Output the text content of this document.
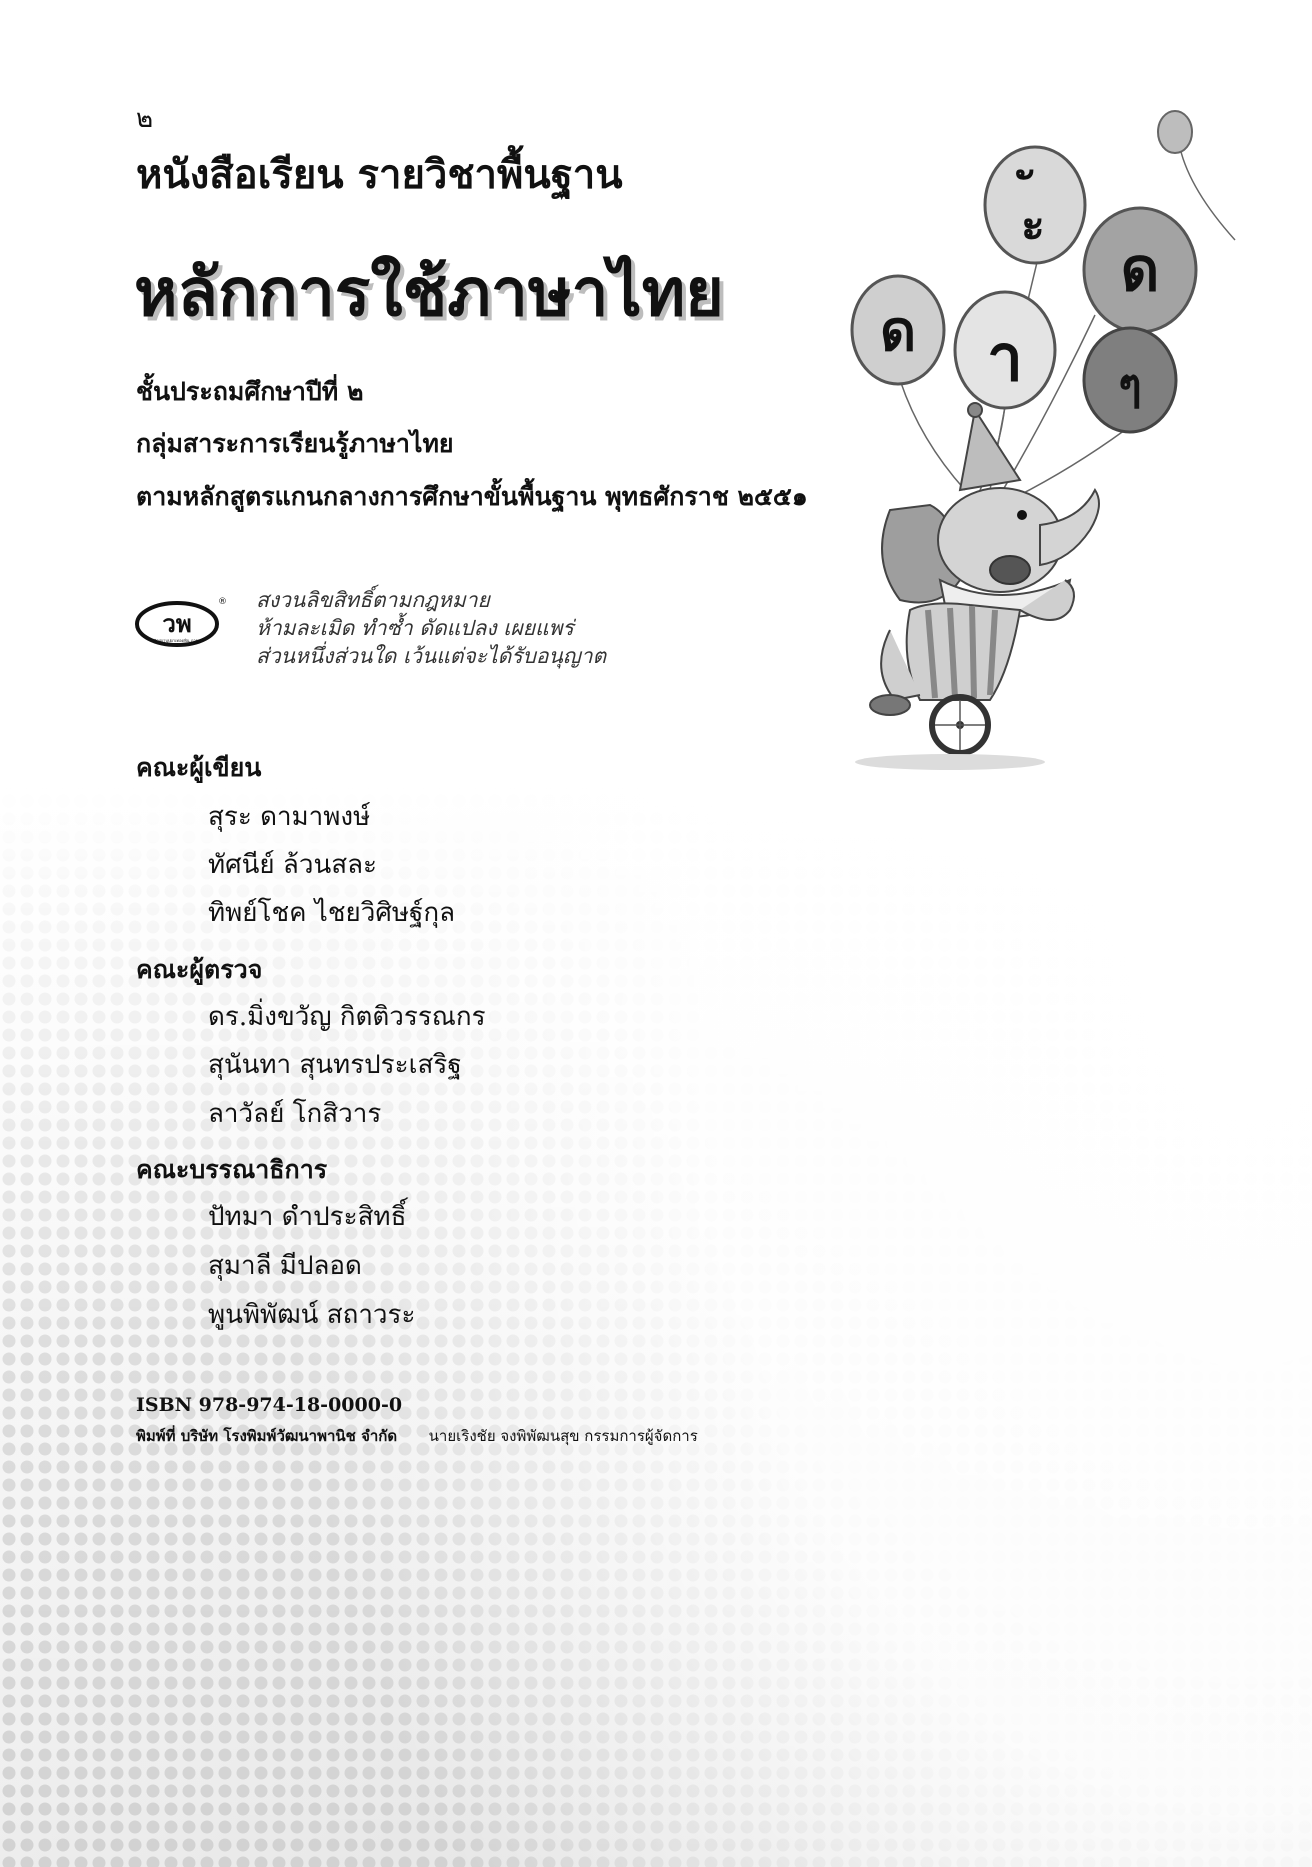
๒
หนังสือเรียน รายวิชาพื้นฐาน
หลักการใช้ภาษาไทย
ชั้นประถมศึกษาปีที่ ๒
กลุ่มสาระการเรียนรู้ภาษาไทย
ตามหลักสูตรแกนกลางการศึกษาขั้นพื้นฐาน พุทธศักราช ๒๕๕๑
วพ
ปัญญาบุปผาเทอดพิน ภารุส
® สงวนลิขสิทธิ์ตามกฎหมาย
ห้ามละเมิด ทำซ้ำ ดัดแปลง เผยแพร่
ส่วนหนึ่งส่วนใด เว้นแต่จะได้รับอนุญาต
คณะผู้เขียน
สุระ ดามาพงษ์
ทัศนีย์ ล้วนสละ
ทิพย์โชค ไชยวิศิษฐ์กุล
คณะผู้ตรวจ
ดร.มิ่งขวัญ กิตติวรรณกร
สุนันทา สุนทรประเสริฐ
ลาวัลย์ โกสิวาร
คณะบรรณาธิการ
ปัทมา ดำประสิทธิ์
สุมาลี มีปลอด
พูนพิพัฒน์ สถาวระ
ISBN 978-974-18-0000-0
พิมพ์ที่ บริษัท โรงพิมพ์วัฒนาพานิช จำกัด นายเริงชัย จงพิพัฒนสุข กรรมการผู้จัดการ
ะ
ด
ด า ๆ
